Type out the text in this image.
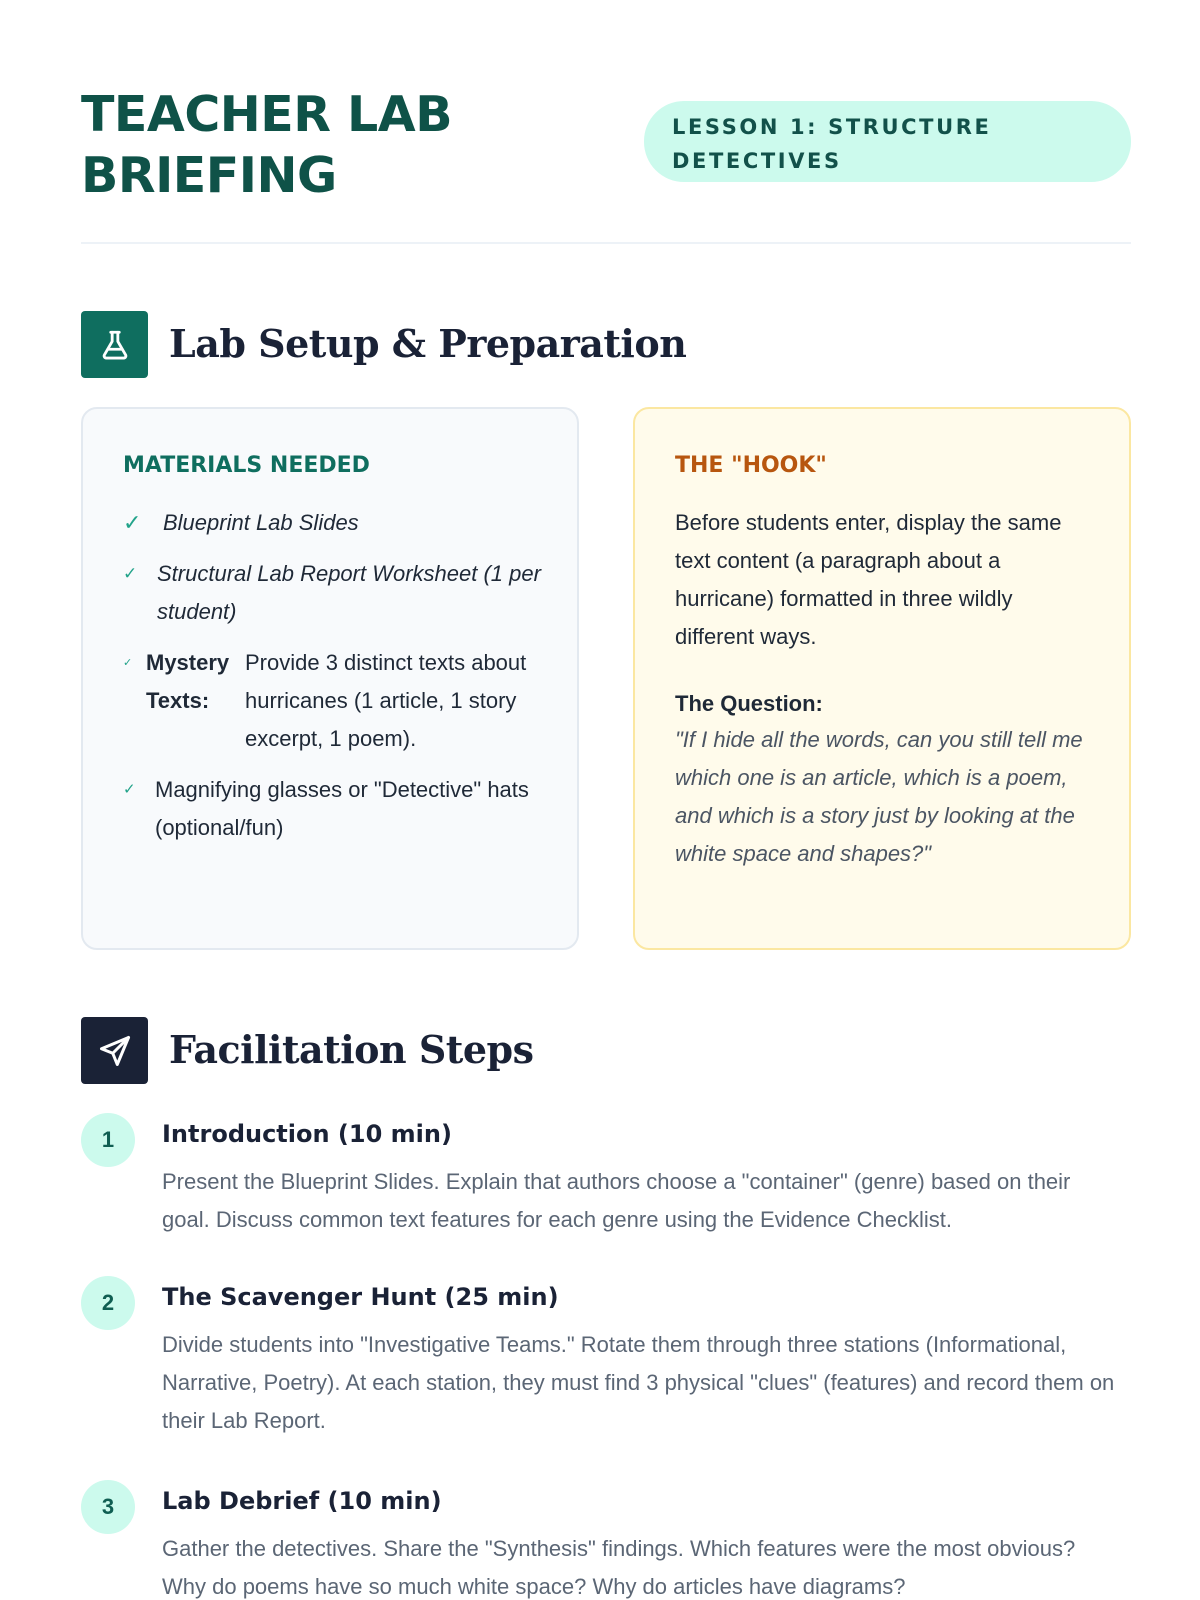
TEACHER LAB BRIEFING
LESSON 1: STRUCTURE DETECTIVES
Lab Setup & Preparation
MATERIALS NEEDED
✓ Blueprint Lab Slides
✓ Structural Lab Report Worksheet (1 per student)
✓ Mystery Texts:
Provide 3 distinct texts about hurricanes (1 article, 1 story excerpt, 1 poem).
✓ Magnifying glasses or "Detective" hats (optional/fun)
THE "HOOK"

Before students enter, display the same text content (a paragraph about a hurricane) formatted in three wildly different ways.

The Question:

"If I hide all the words, can you still tell me which one is an article, which is a poem, and which is a story just by looking at the white space and shapes?"

Facilitation Steps
1	Introduction (10 min)

Present the Blueprint Slides. Explain that authors choose a "container" (genre) based on their goal. Discuss common text features for each genre using the Evidence Checklist.

2	The Scavenger Hunt (25 min)

Divide students into "Investigative Teams." Rotate them through three stations (Informational, Narrative, Poetry). At each station, they must find 3 physical "clues" (features) and record them on their Lab Report.

3	Lab Debrief (10 min)

Gather the detectives. Share the "Synthesis" findings. Which features were the most obvious? Why do poems have so much white space? Why do articles have diagrams?
